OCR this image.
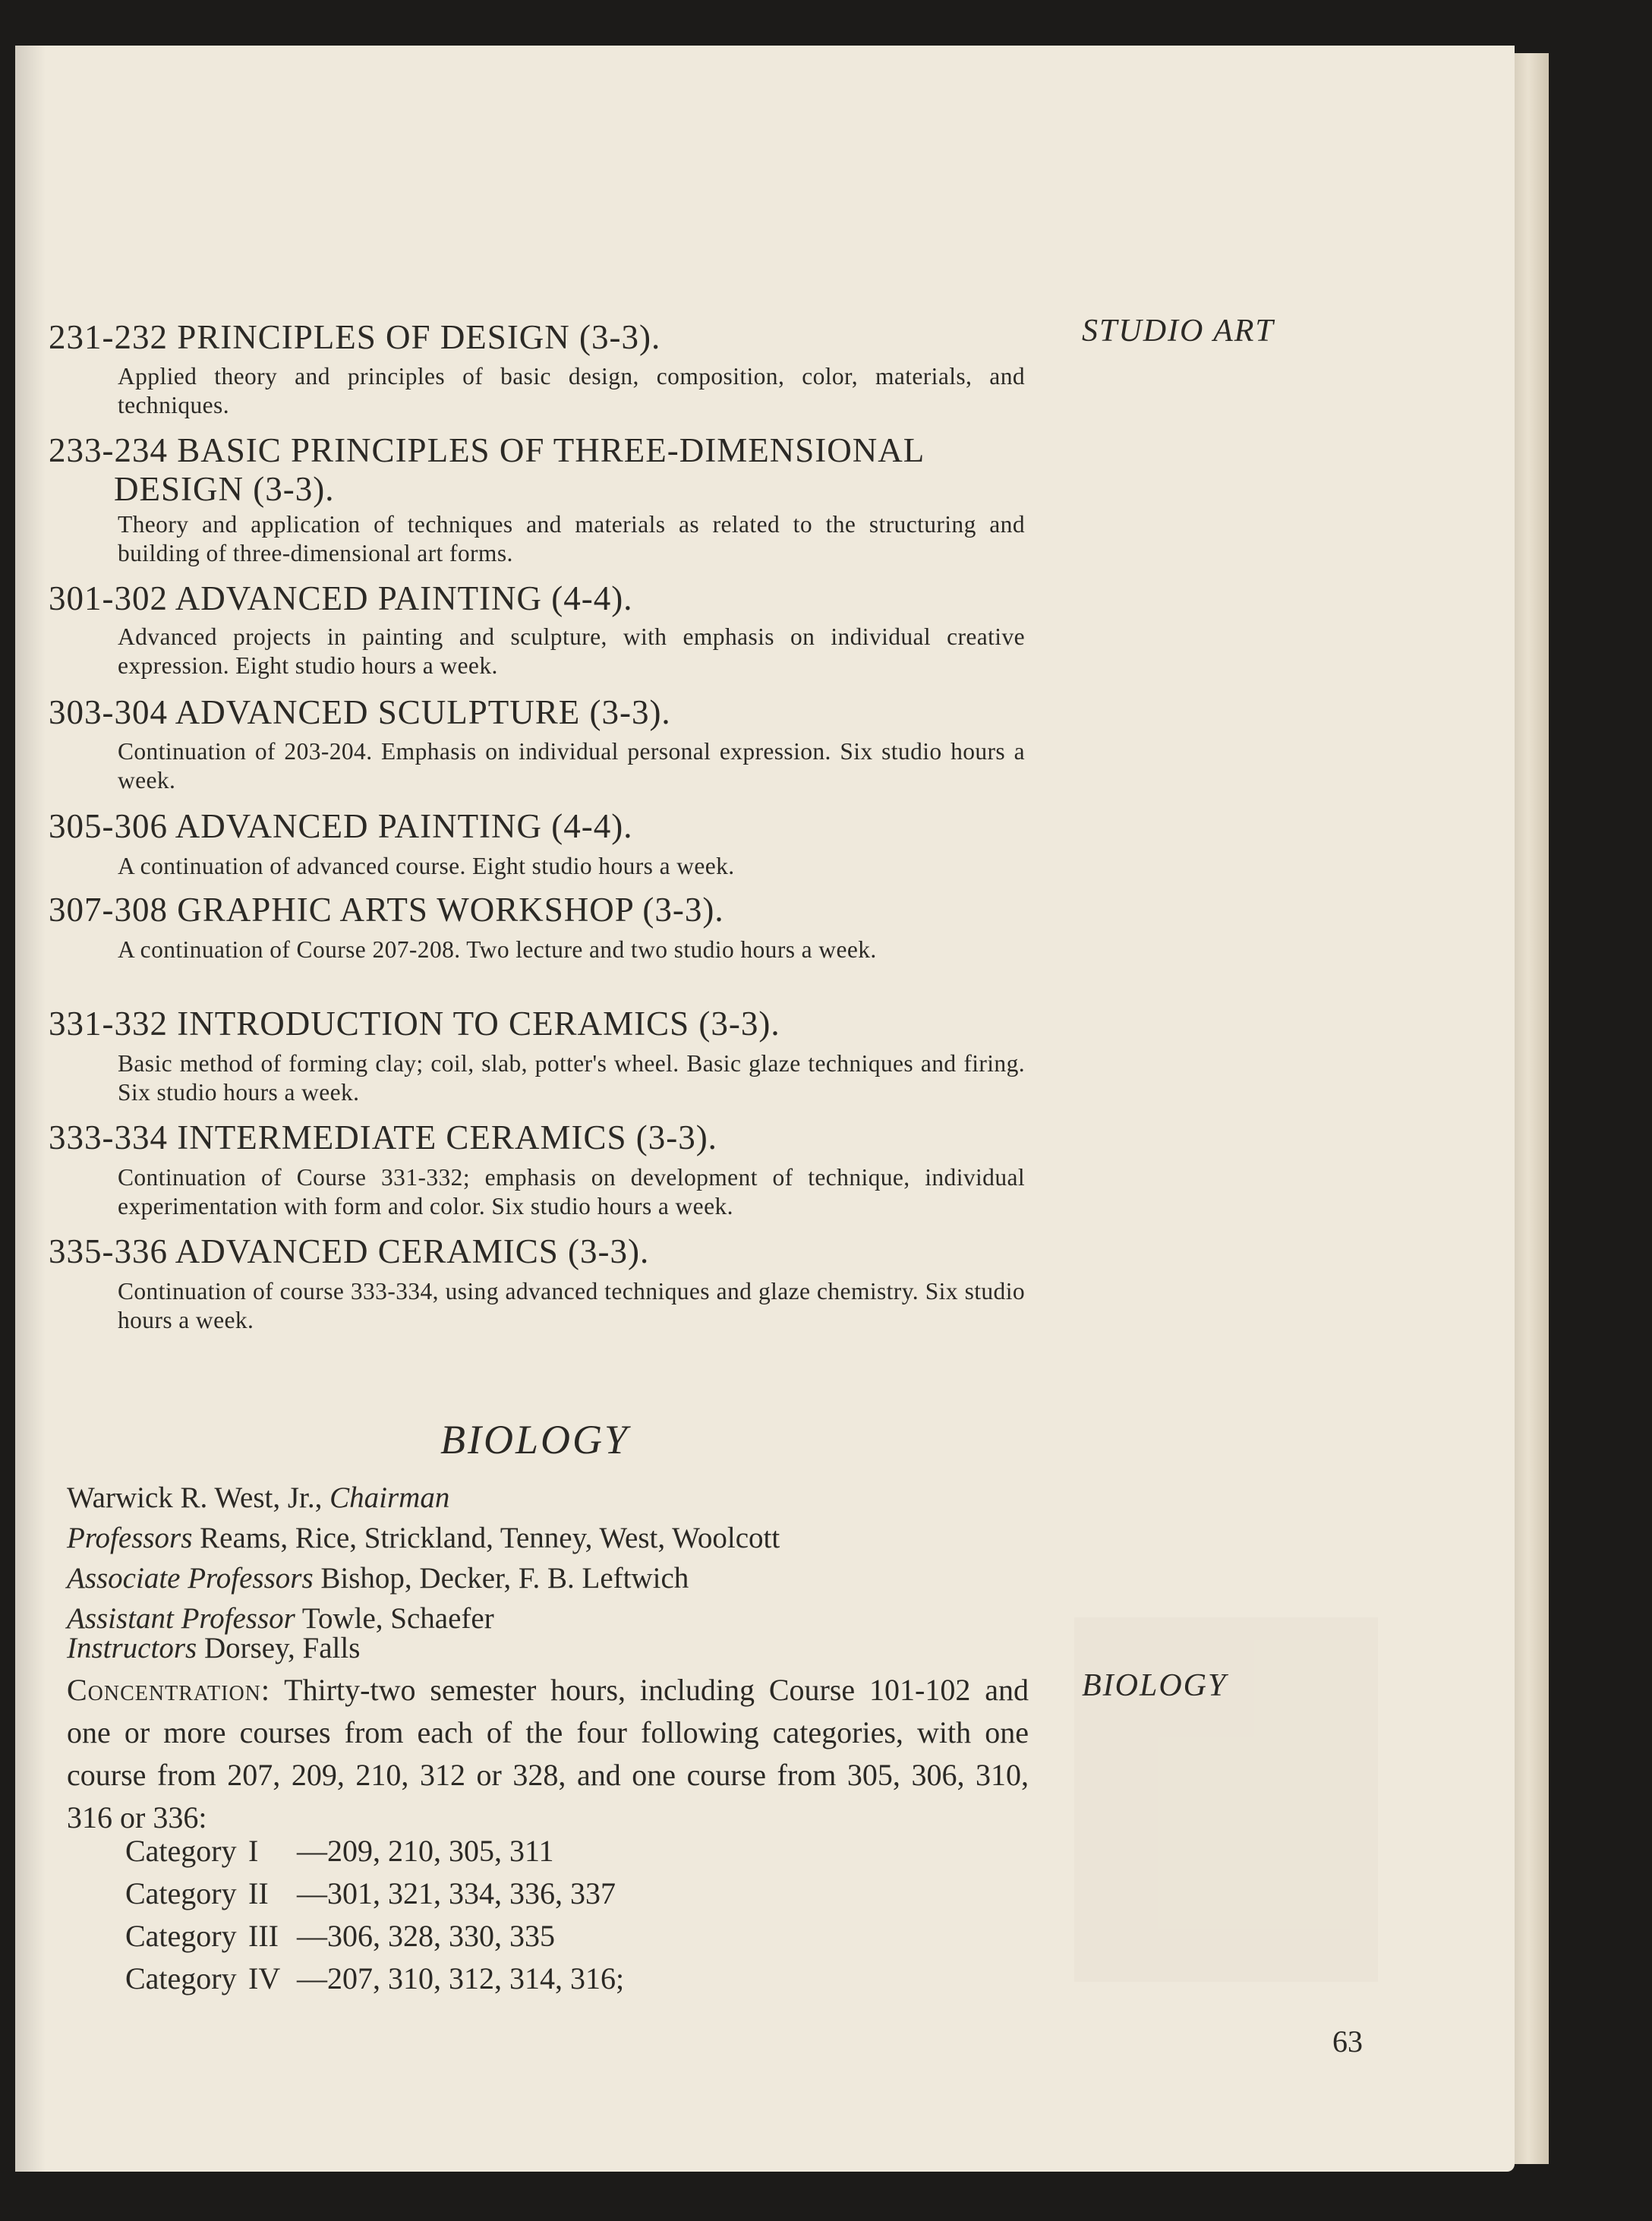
STUDIO ART
231-232 PRINCIPLES OF DESIGN (3-3).
Applied theory and principles of basic design, composition, color, materials, and techniques.
233-234 BASIC PRINCIPLES OF THREE-DIMENSIONAL
DESIGN (3-3).
Theory and application of techniques and materials as related to the structuring and building of three-dimensional art forms.
301-302 ADVANCED PAINTING (4-4).
Advanced projects in painting and sculpture, with emphasis on individual creative expression. Eight studio hours a week.
303-304 ADVANCED SCULPTURE (3-3).
Continuation of 203-204. Emphasis on individual personal expression. Six studio hours a week.
305-306 ADVANCED PAINTING (4-4).
A continuation of advanced course. Eight studio hours a week.
307-308 GRAPHIC ARTS WORKSHOP (3-3).
A continuation of Course 207-208. Two lecture and two studio hours a week.
331-332 INTRODUCTION TO CERAMICS (3-3).
Basic method of forming clay; coil, slab, potter's wheel. Basic glaze techniques and firing. Six studio hours a week.
333-334 INTERMEDIATE CERAMICS (3-3).
Continuation of Course 331-332; emphasis on development of technique, individual experimentation with form and color. Six studio hours a week.
335-336 ADVANCED CERAMICS (3-3).
Continuation of course 333-334, using advanced techniques and glaze chemistry. Six studio hours a week.
BIOLOGY
Warwick R. West, Jr., Chairman
Professors Reams, Rice, Strickland, Tenney, West, Woolcott
Associate Professors Bishop, Decker, F. B. Leftwich
Assistant Professor Towle, Schaefer
Instructors Dorsey, Falls
BIOLOGY
Concentration: Thirty-two semester hours, including Course 101-102 and one or more courses from each of the four following categories, with one course from 207, 209, 210, 312 or 328, and one course from 305, 306, 310, 316 or 336:
Category I —209, 210, 305, 311
Category II —301, 321, 334, 336, 337
Category III —306, 328, 330, 335
Category IV —207, 310, 312, 314, 316;
63
